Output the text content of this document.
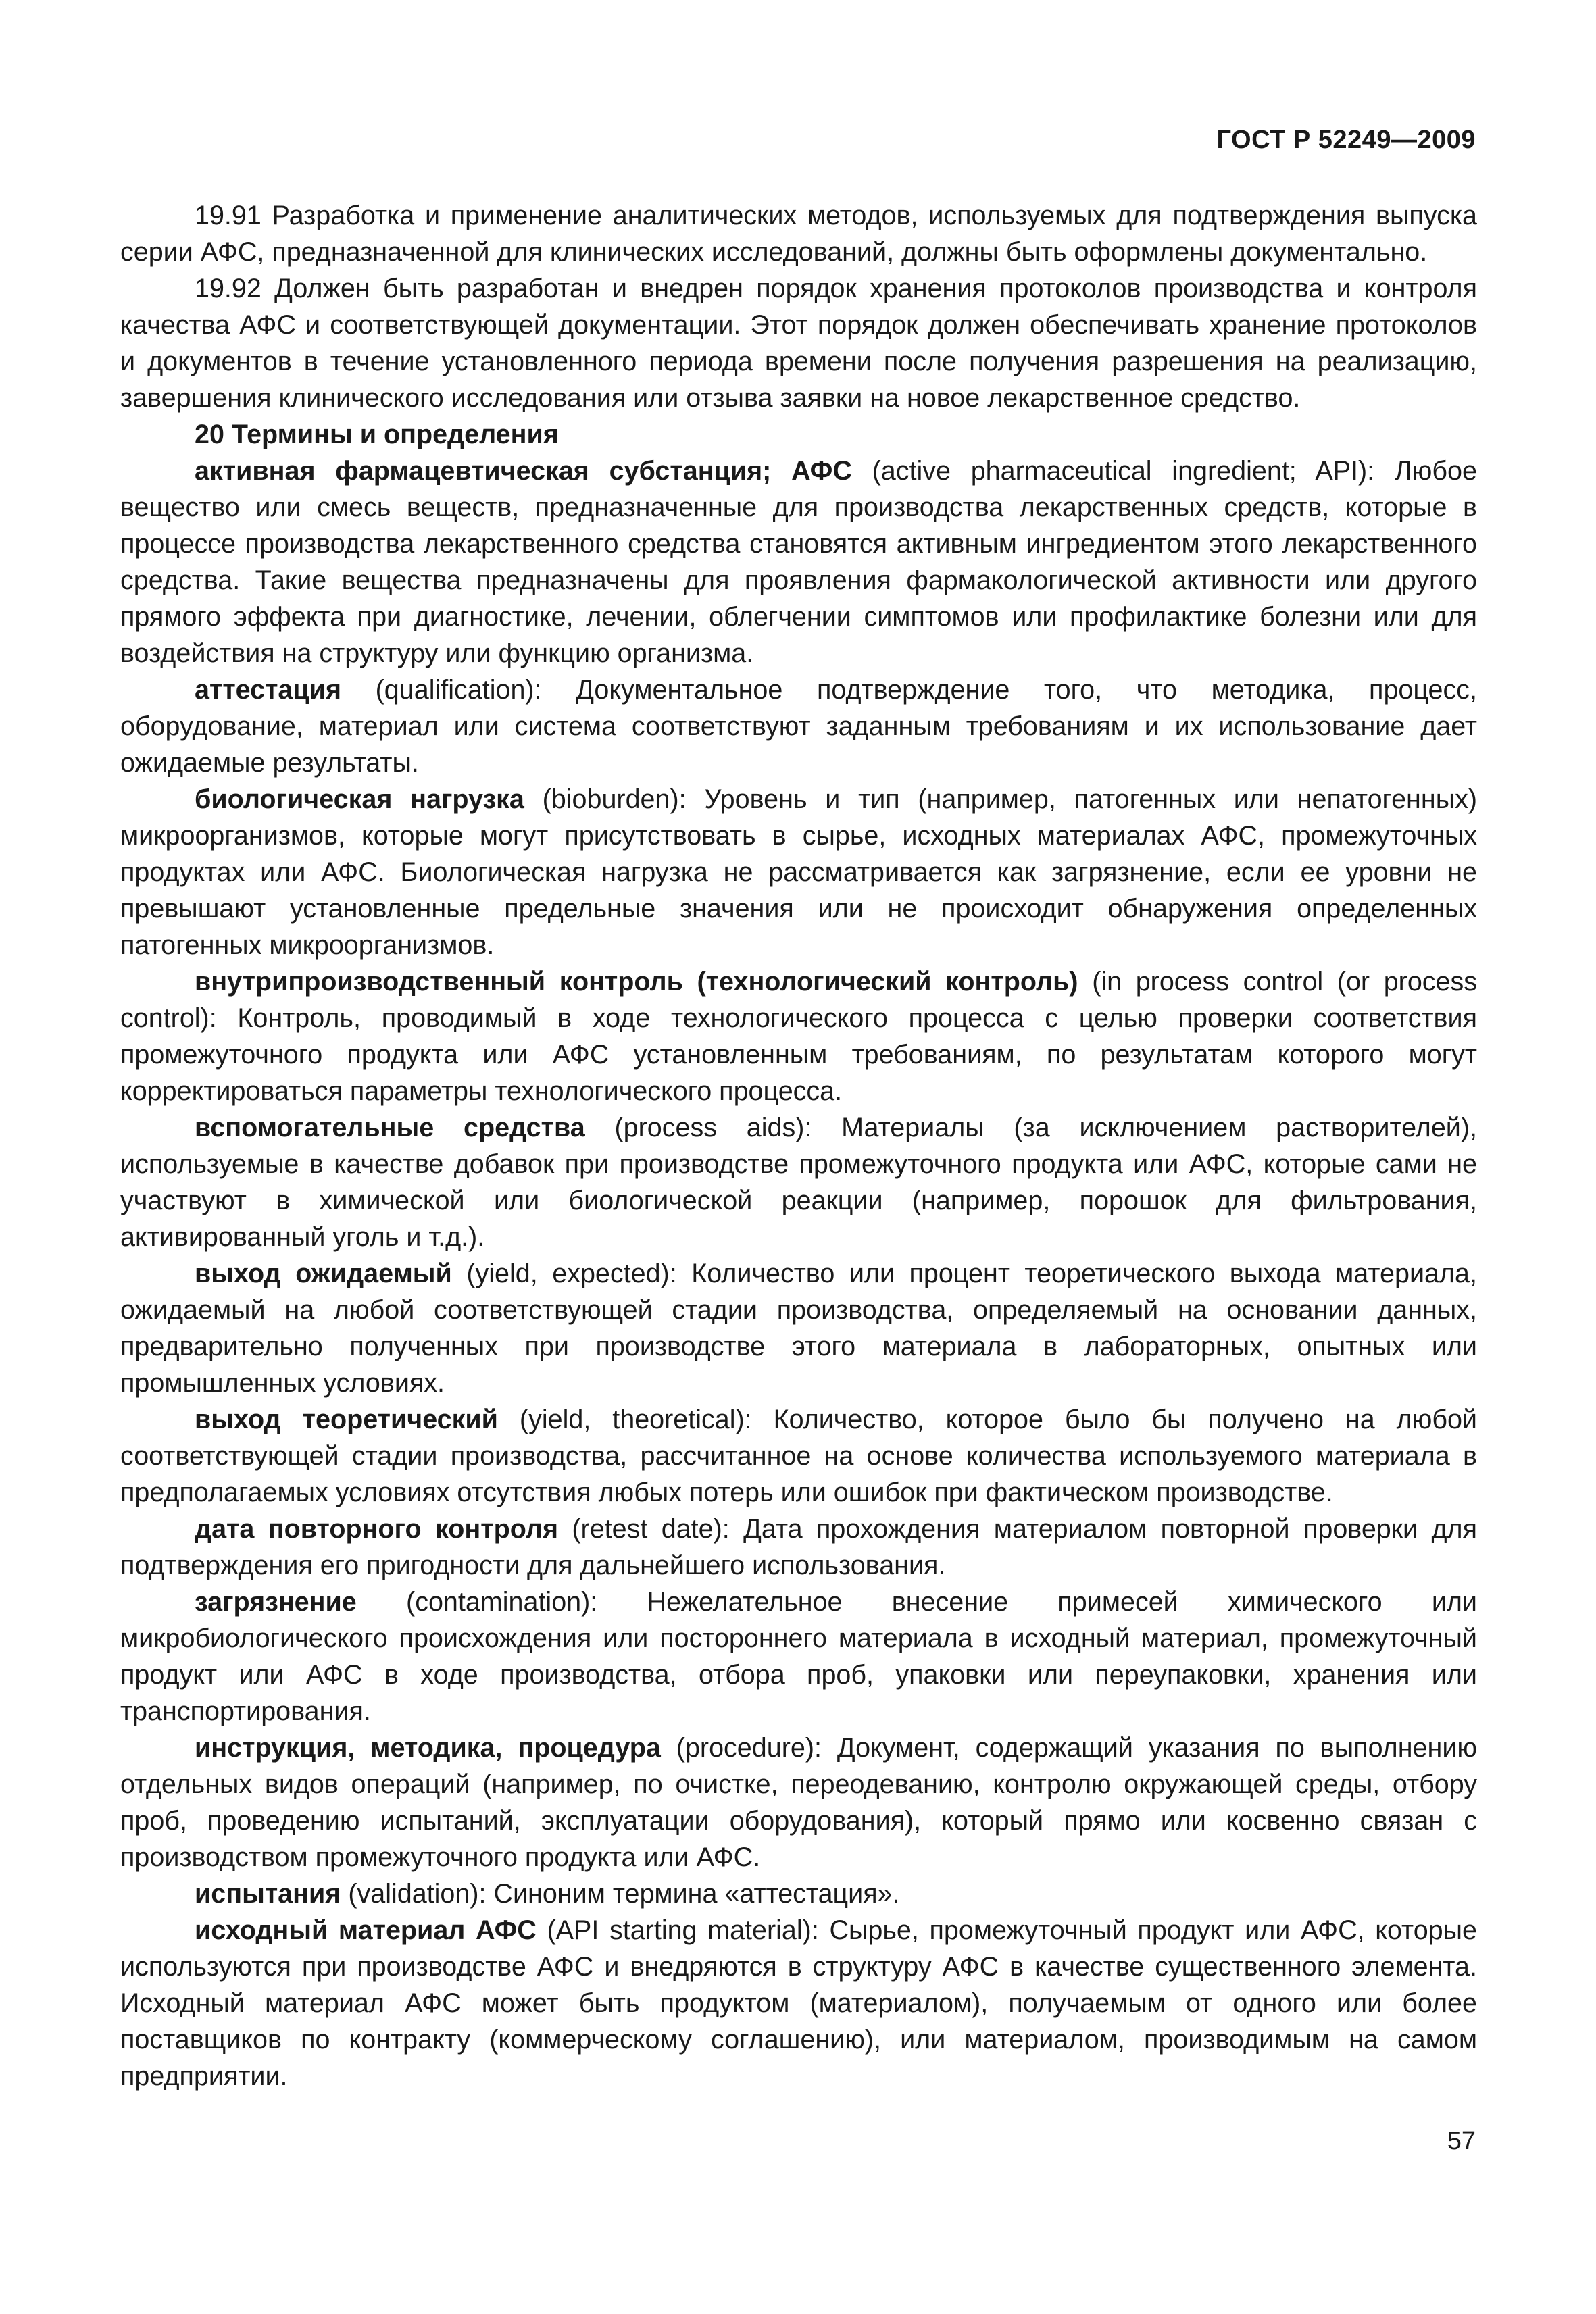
ГОСТ Р 52249—2009

19.91 Разработка и применение аналитических методов, используемых для подтверждения выпуска серии АФС, предназначенной для клинических исследований, должны быть оформлены документально.

19.92 Должен быть разработан и внедрен порядок хранения протоколов производства и контроля качества АФС и соответствующей документации. Этот порядок должен обеспечивать хранение протоколов и документов в течение установленного периода времени после получения разрешения на реализацию, завершения клинического исследования или отзыва заявки на новое лекарственное средство.

20 Термины и определения

активная фармацевтическая субстанция; АФС (active pharmaceutical ingredient; API): Любое вещество или смесь веществ, предназначенные для производства лекарственных средств, которые в процессе производства лекарственного средства становятся активным ингредиентом этого лекарственного средства. Такие вещества предназначены для проявления фармакологической активности или другого прямого эффекта при диагностике, лечении, облегчении симптомов или профилактике болезни или для воздействия на структуру или функцию организма.

аттестация (qualification): Документальное подтверждение того, что методика, процесс, оборудование, материал или система соответствуют заданным требованиям и их использование дает ожидаемые результаты.

биологическая нагрузка (bioburden): Уровень и тип (например, патогенных или непатогенных) микроорганизмов, которые могут присутствовать в сырье, исходных материалах АФС, промежуточных продуктах или АФС. Биологическая нагрузка не рассматривается как загрязнение, если ее уровни не превышают установленные предельные значения или не происходит обнаружения определенных патогенных микроорганизмов.

внутрипроизводственный контроль (технологический контроль) (in process control (or process control): Контроль, проводимый в ходе технологического процесса с целью проверки соответствия промежуточного продукта или АФС установленным требованиям, по результатам которого могут корректироваться параметры технологического процесса.

вспомогательные средства (process aids): Материалы (за исключением растворителей), используемые в качестве добавок при производстве промежуточного продукта или АФС, которые сами не участвуют в химической или биологической реакции (например, порошок для фильтрования, активированный уголь и т.д.).

выход ожидаемый (yield, expected): Количество или процент теоретического выхода материала, ожидаемый на любой соответствующей стадии производства, определяемый на основании данных, предварительно полученных при производстве этого материала в лабораторных, опытных или промышленных условиях.

выход теоретический (yield, theoretical): Количество, которое было бы получено на любой соответствующей стадии производства, рассчитанное на основе количества используемого материала в предполагаемых условиях отсутствия любых потерь или ошибок при фактическом производстве.

дата повторного контроля (retest date): Дата прохождения материалом повторной проверки для подтверждения его пригодности для дальнейшего использования.

загрязнение (contamination): Нежелательное внесение примесей химического или микробиологического происхождения или постороннего материала в исходный материал, промежуточный продукт или АФС в ходе производства, отбора проб, упаковки или переупаковки, хранения или транспортирования.

инструкция, методика, процедура (procedure): Документ, содержащий указания по выполнению отдельных видов операций (например, по очистке, переодеванию, контролю окружающей среды, отбору проб, проведению испытаний, эксплуатации оборудования), который прямо или косвенно связан с производством промежуточного продукта или АФС.

испытания (validation): Синоним термина «аттестация».

исходный материал АФС (API starting material): Сырье, промежуточный продукт или АФС, которые используются при производстве АФС и внедряются в структуру АФС в качестве существенного элемента. Исходный материал АФС может быть продуктом (материалом), получаемым от одного или более поставщиков по контракту (коммерческому соглашению), или материалом, производимым на самом предприятии.

57
